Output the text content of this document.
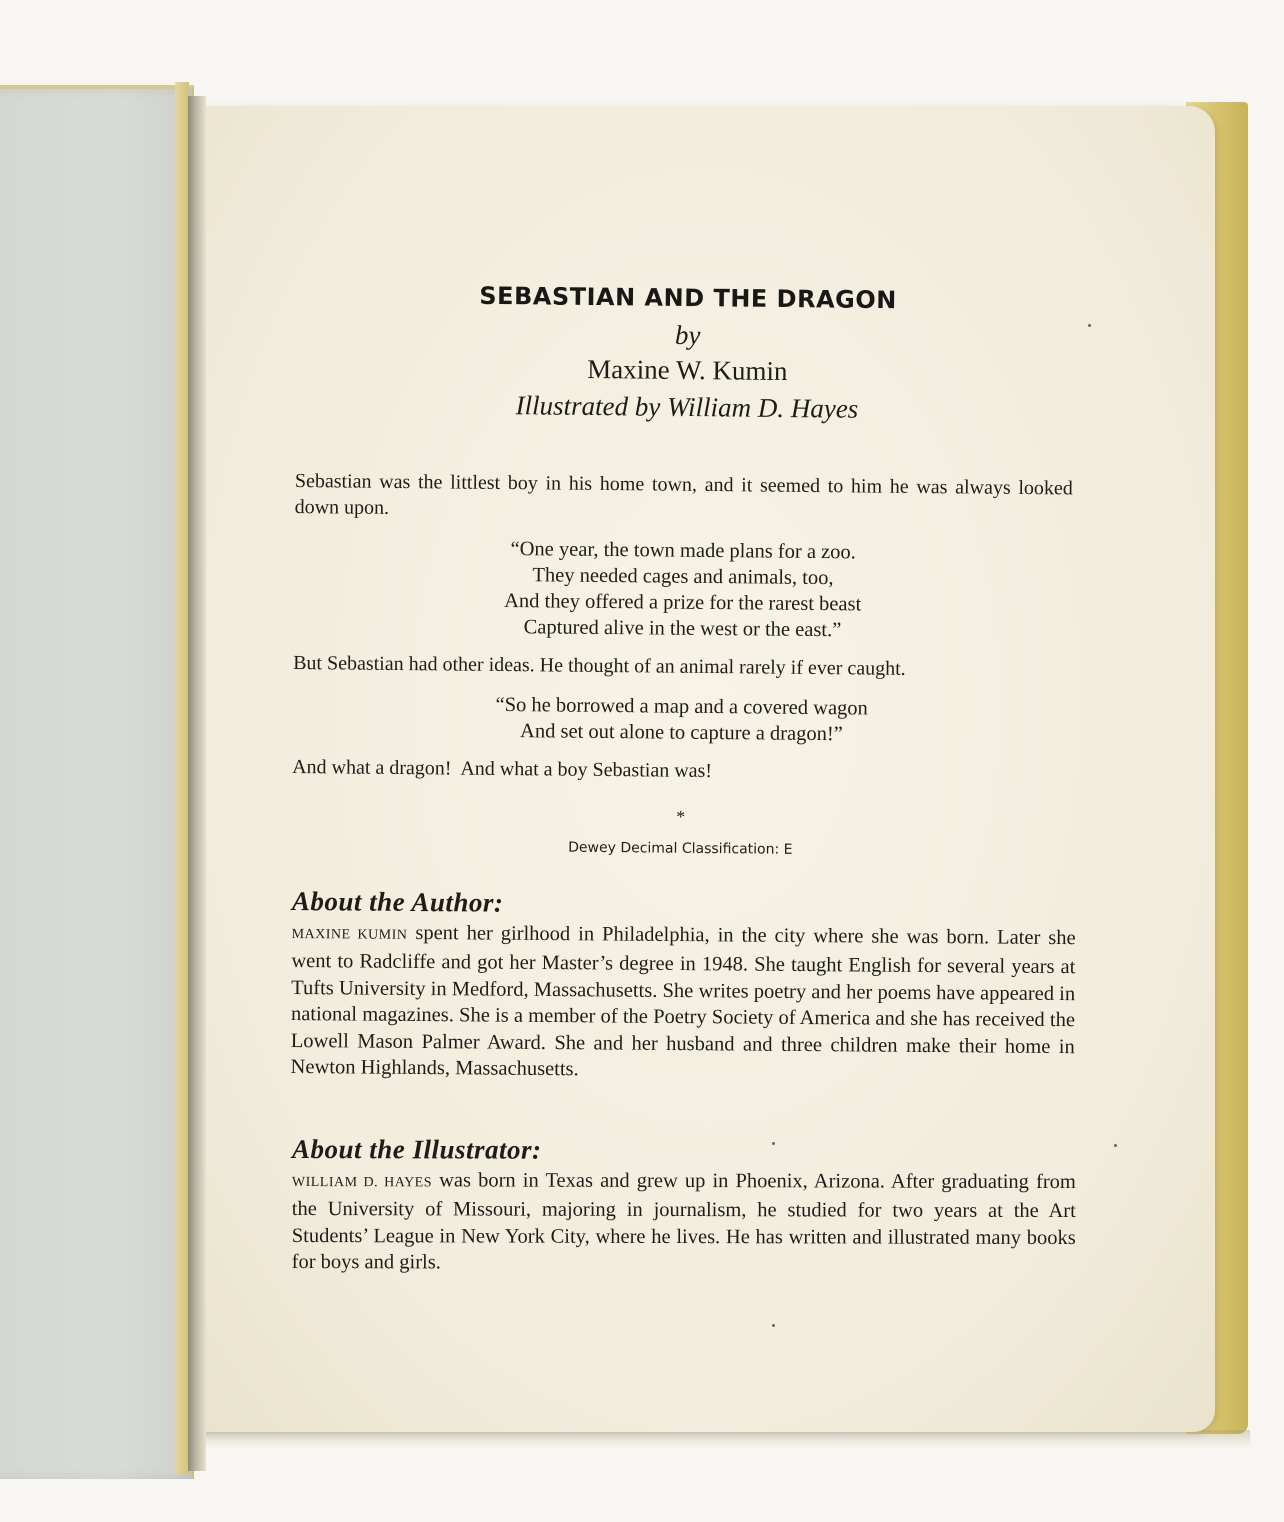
SEBASTIAN AND THE DRAGON
by
Maxine W. Kumin
Illustrated by William D. Hayes

Sebastian was the littlest boy in his home town, and it seemed to him he was always looked down upon.

“One year, the town made plans for a zoo.
They needed cages and animals, too,
And they offered a prize for the rarest beast
Captured alive in the west or the east.”

But Sebastian had other ideas. He thought of an animal rarely if ever caught.

“So he borrowed a map and a covered wagon
And set out alone to capture a dragon!”

And what a dragon!  And what a boy Sebastian was!

*
Dewey Decimal Classification: E
About the Author:

MAXINE KUMIN spent her girlhood in Philadelphia, in the city where she was born. Later she went to Radcliffe and got her Master’s degree in 1948. She taught English for several years at Tufts University in Medford, Massachusetts. She writes poetry and her poems have appeared in national magazines. She is a member of the Poetry Society of America and she has received the Lowell Mason Palmer Award. She and her husband and three children make their home in Newton Highlands, Massachusetts.

About the Illustrator:

WILLIAM D. HAYES was born in Texas and grew up in Phoenix, Arizona. After graduating from the University of Missouri, majoring in journalism, he studied for two years at the Art Students’ League in New York City, where he lives. He has written and illustrated many books for boys and girls.
